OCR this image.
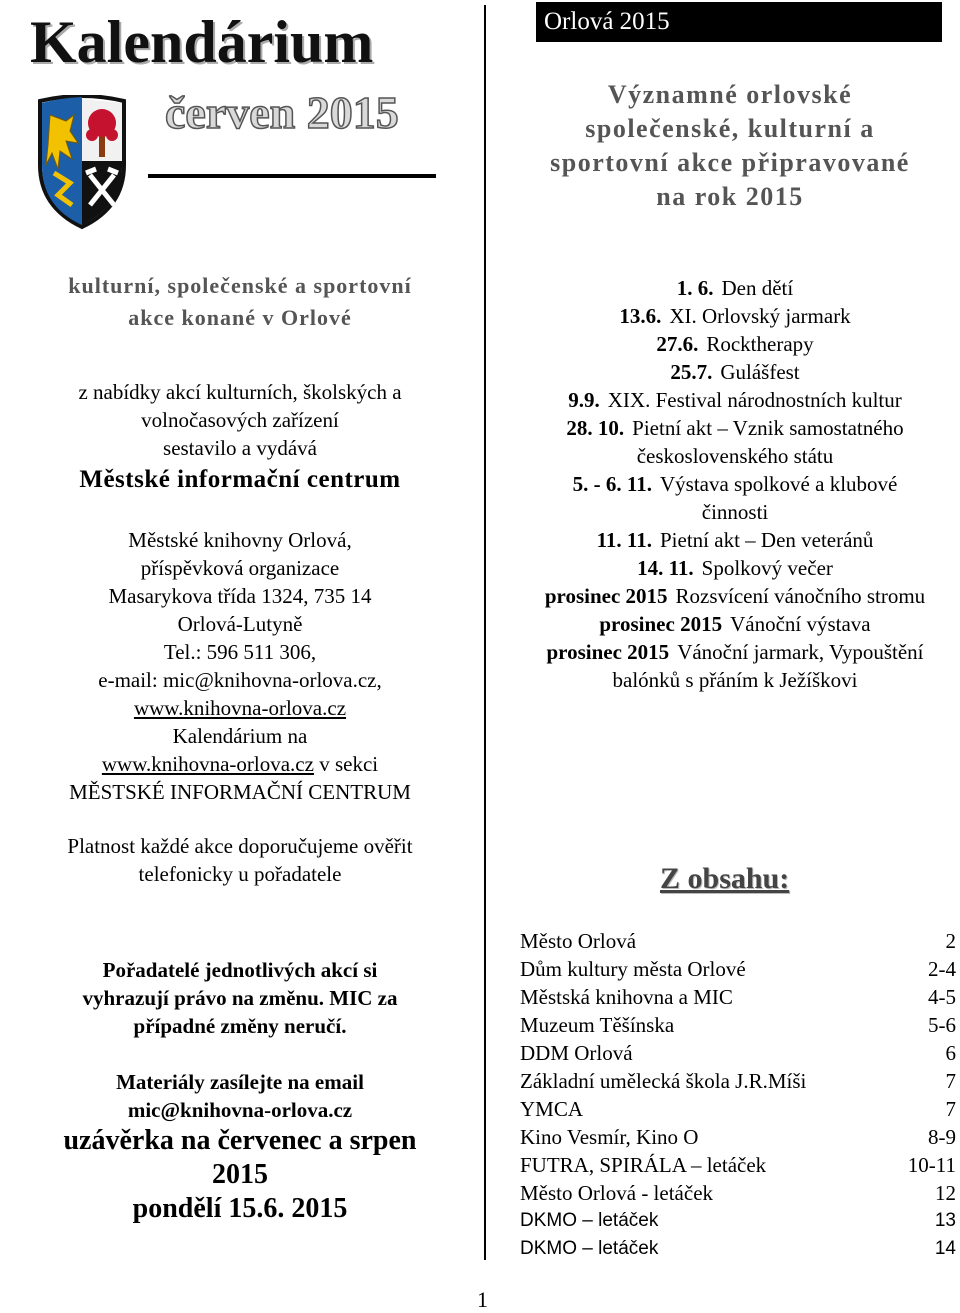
Kalendárium
červen 2015
kulturní, společenské a sportovní
akce konané v Orlové
z nabídky akcí kulturních, školských a
volnočasových zařízení
sestavilo a vydává
Městské informační centrum
Městské knihovny Orlová,
příspěvková organizace
Masarykova třída 1324, 735 14
Orlová-Lutyně
Tel.: 596 511 306,
e-mail: mic@knihovna-orlova.cz,
www.knihovna-orlova.cz
Kalendárium na
www.knihovna-orlova.cz v sekci
MĚSTSKÉ INFORMAČNÍ CENTRUM
Platnost každé akce doporučujeme ověřit
telefonicky u pořadatele
Pořadatelé jednotlivých akcí si
vyhrazují právo na změnu. MIC za
případné změny neručí.
Materiály zasílejte na email
mic@knihovna-orlova.cz
uzávěrka na červenec a srpen
2015
pondělí 15.6. 2015
1
Orlová 2015
Významné orlovské
společenské, kulturní a
sportovní akce připravované
na rok 2015
1. 6. Den dětí
13.6. XI. Orlovský jarmark
27.6. Rocktherapy
25.7. Gulášfest
9.9. XIX. Festival národnostních kultur
28. 10. Pietní akt – Vznik samostatného
československého státu
5. - 6. 11. Výstava spolkové a klubové
činnosti
11. 11. Pietní akt – Den veteránů
14. 11. Spolkový večer
prosinec 2015 Rozsvícení vánočního stromu
prosinec 2015 Vánoční výstava
prosinec 2015 Vánoční jarmark, Vypouštění
balónků s přáním k Ježíškovi
Z obsahu:
Město Orlová	2
Dům kultury města Orlové	2-4
Městská knihovna a MIC	4-5
Muzeum Těšínska	5-6
DDM Orlová	6
Základní umělecká škola J.R.Míši	7
YMCA	7
Kino Vesmír, Kino O	8-9
FUTRA, SPIRÁLA – letáček	10-11
Město Orlová - letáček	12
DKMO – letáček	13
DKMO – letáček	14
